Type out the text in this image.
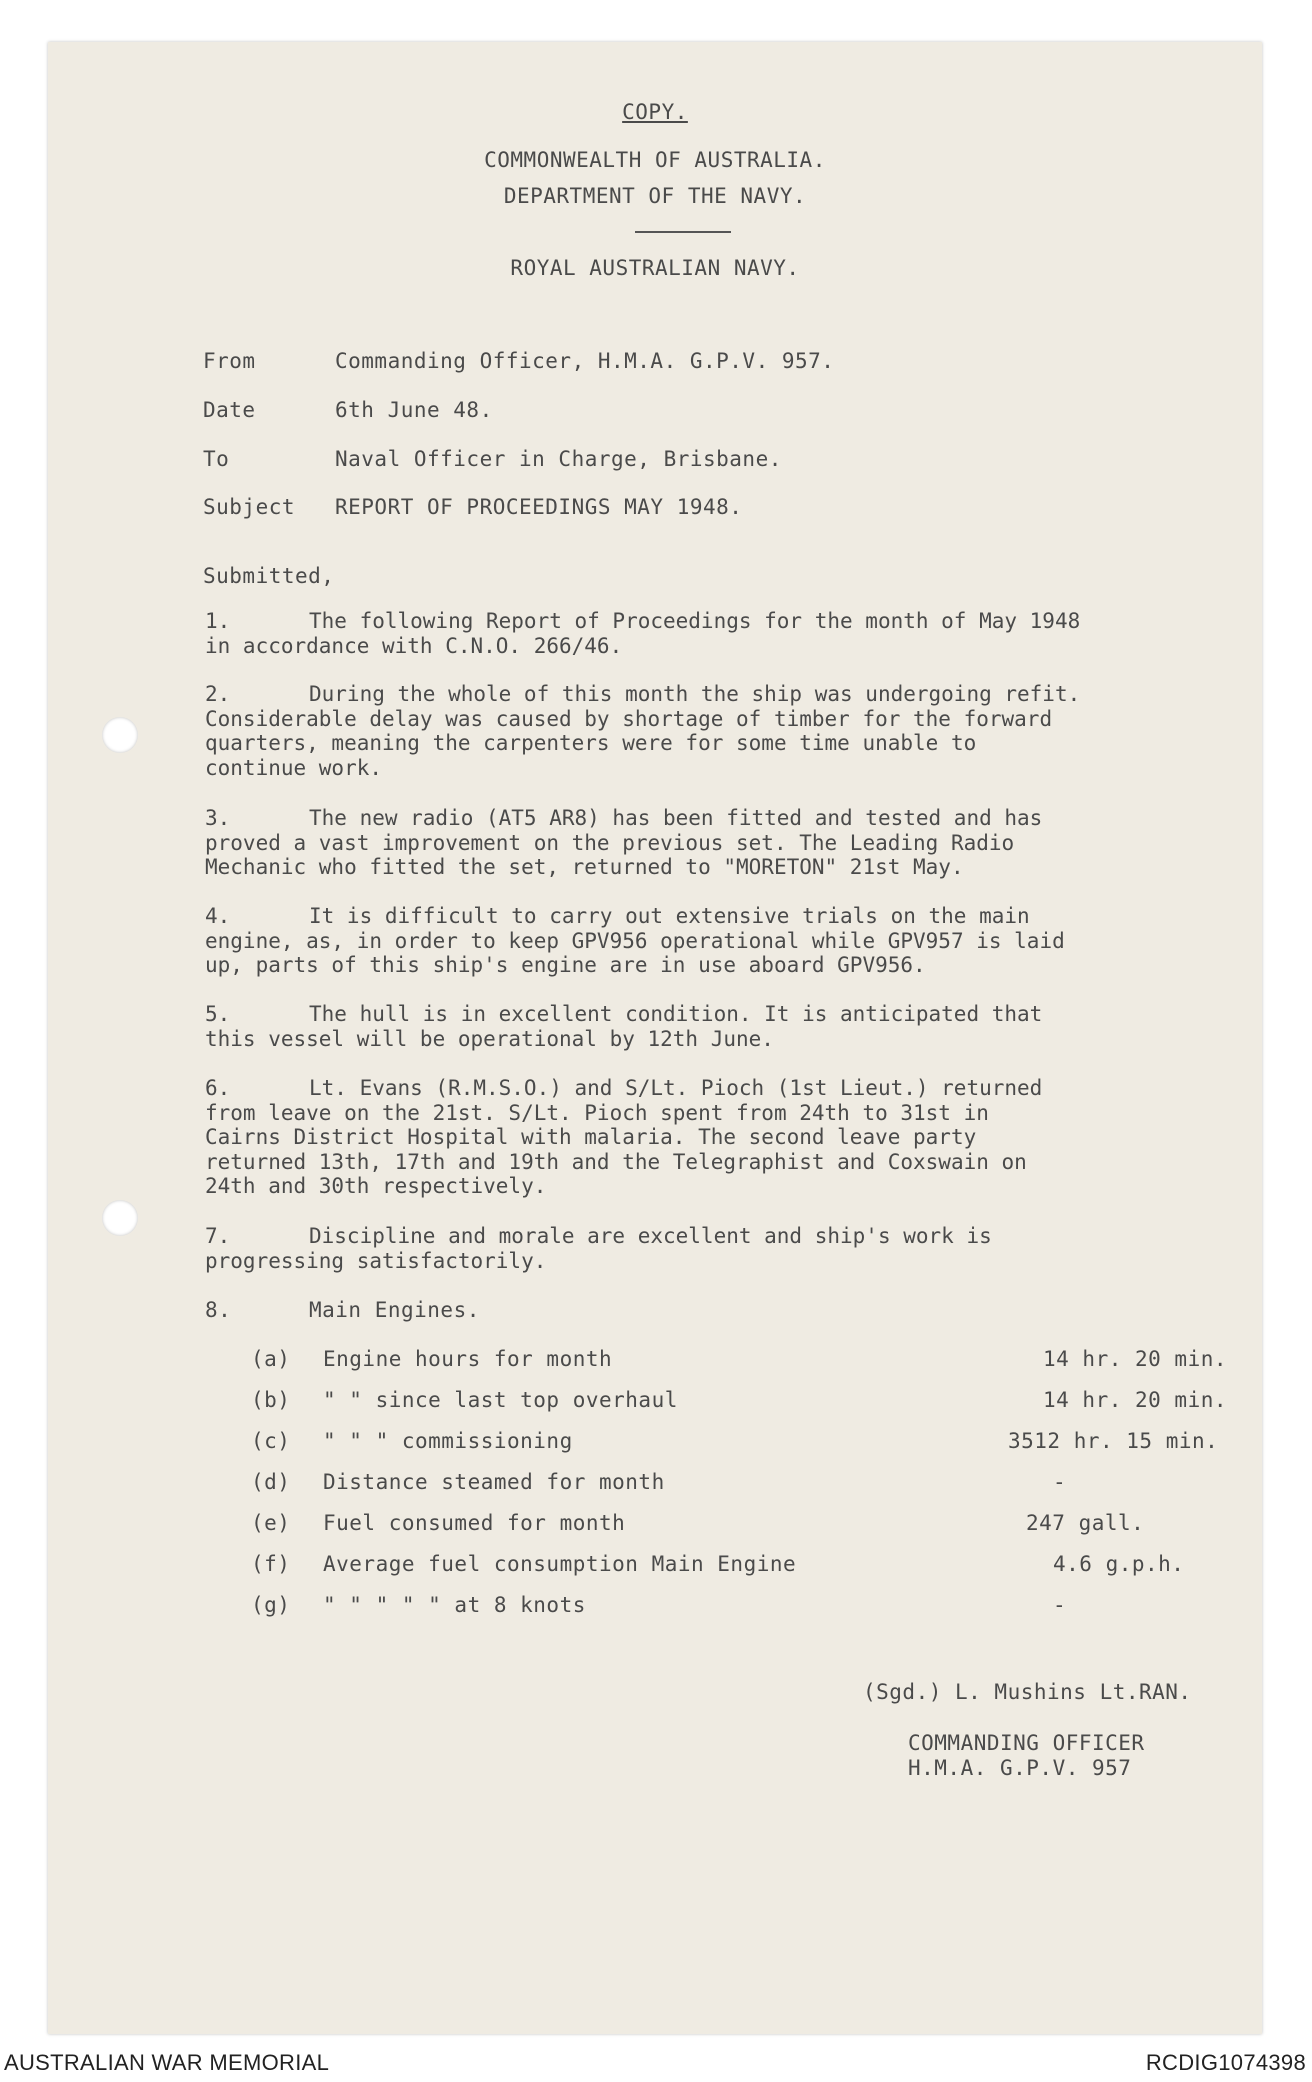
COPY.
COMMONWEALTH OF AUSTRALIA.
DEPARTMENT OF THE NAVY.
ROYAL AUSTRALIAN NAVY.
From	Commanding Officer, H.M.A. G.P.V. 957.
Date	6th June 48.
To	Naval Officer in Charge, Brisbane.
Subject REPORT OF PROCEEDINGS MAY 1948.
Submitted,
1.	The following Report of Proceedings for the month of May 1948
in accordance with C.N.O. 266/46.
2.	During the whole of this month the ship was undergoing refit.
Considerable delay was caused by shortage of timber for the forward
quarters, meaning the carpenters were for some time unable to
continue work.
3.	The new radio (AT5 AR8) has been fitted and tested and has
proved a vast improvement on the previous set. The Leading Radio
Mechanic who fitted the set, returned to "MORETON" 21st May.
4.	It is difficult to carry out extensive trials on the main
engine, as, in order to keep GPV956 operational while GPV957 is laid
up, parts of this ship's engine are in use aboard GPV956.
5.	The hull is in excellent condition. It is anticipated that
this vessel will be operational by 12th June.
6.	Lt. Evans (R.M.S.O.) and S/Lt. Pioch (1st Lieut.) returned
from leave on the 21st. S/Lt. Pioch spent from 24th to 31st in
Cairns District Hospital with malaria. The second leave party
returned 13th, 17th and 19th and the Telegraphist and Coxswain on
24th and 30th respectively.
7.	Discipline and morale are excellent and ship's work is
progressing satisfactorily.
8.	Main Engines.
(a) Engine hours for month	14 hr. 20 min.
(b) " " since last top overhaul	14 hr. 20 min.
(c) " " " commissioning	3512 hr. 15 min.
(d) Distance steamed for month	-
(e) Fuel consumed for month	247 gall.
(f) Average fuel consumption Main Engine	4.6 g.p.h.
(g) " " " " " at 8 knots	-
(Sgd.) L. Mushins Lt.RAN.
COMMANDING OFFICER
H.M.A. G.P.V. 957
AUSTRALIAN WAR MEMORIAL	RCDIG1074398
